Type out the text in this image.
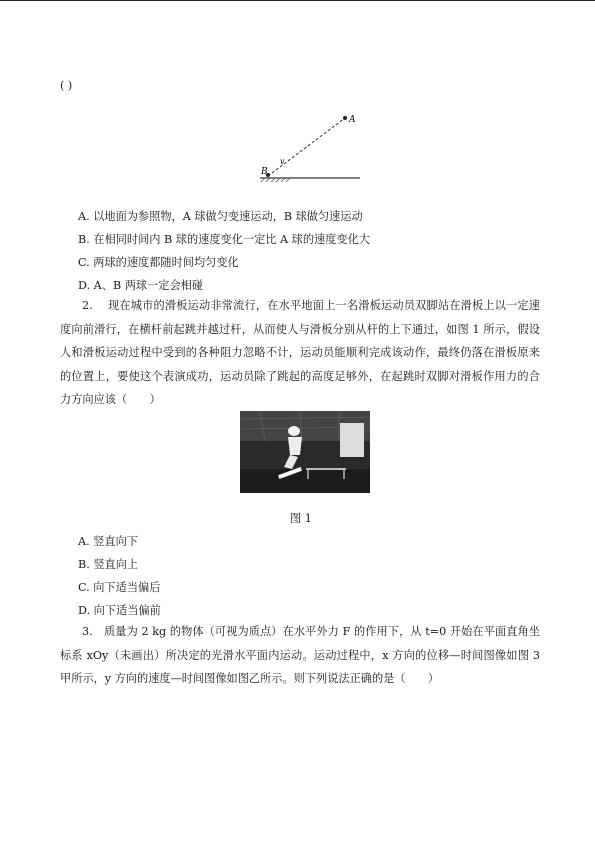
( )
A
B
v
A. 以地面为参照物，A 球做匀变速运动，B 球做匀速运动
B. 在相同时间内 B 球的速度变化一定比 A 球的速度变化大
C. 两球的速度都随时间均匀变化
D. A、B 两球一定会相碰
2.　 现在城市的滑板运动非常流行，在水平地面上一名滑板运动员双脚站在滑板上以一定速度向前滑行，在横杆前起跳并越过杆，从而使人与滑板分别从杆的上下通过，如图 1 所示，假设人和滑板运动过程中受到的各种阻力忽略不计，运动员能顺利完成该动作，最终仍落在滑板原来的位置上，要使这个表演成功，运动员除了跳起的高度足够外，在起跳时双脚对滑板作用力的合力方向应该（　　）
图 1
A. 竖直向下
B. 竖直向上
C. 向下适当偏后
D. 向下适当偏前
3.　质量为 2 kg 的物体（可视为质点）在水平外力 F 的作用下，从 t=0 开始在平面直角坐标系 xOy（未画出）所决定的光滑水平面内运动。运动过程中，x 方向的位移—时间图像如图 3 甲所示，y 方向的速度—时间图像如图乙所示。则下列说法正确的是（　　）
